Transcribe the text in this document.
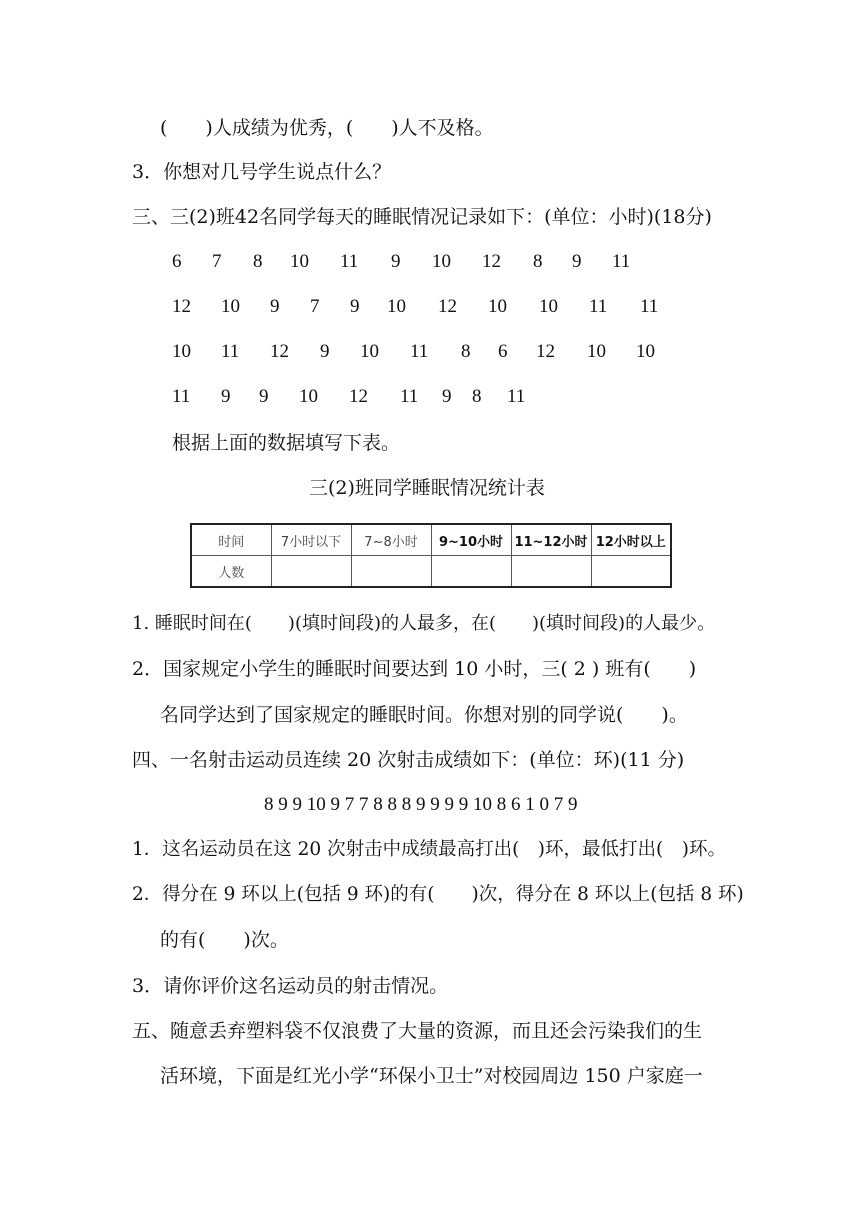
(　　)人成绩为优秀，(　　)人不及格。
3．你想对几号学生说点什么？
三、三(2)班42名同学每天的睡眠情况记录如下：(单位：小时)(18分)
6 7 8 10 11 9 10 12 8 9 11
12 10 9 7 9 10 12 10 10 11 11
10 11 12 9 10 11 8 6 12 10 10
11 9 9 10 12 11 9 8 11
根据上面的数据填写下表。
三(2)班同学睡眠情况统计表
时间	7小时以下	7~8小时	9~10小时	11~12小时	12小时以上
人数					
1. 睡眠时间在(　　)(填时间段)的人最多，在(　　)(填时间段)的人最少。
2．国家规定小学生的睡眠时间要达到 10 小时，三( 2 ) 班有(　　)
名同学达到了国家规定的睡眠时间。你想对别的同学说(　　)。
四、一名射击运动员连续 20 次射击成绩如下：(单位：环)(11 分)
8 9 9 10 9 7 7 8 8 8 9 9 9 9 10 8 6 1 0 7 9
1．这名运动员在这 20 次射击中成绩最高打出(　)环，最低打出(　)环。
2．得分在 9 环以上(包括 9 环)的有(　　)次，得分在 8 环以上(包括 8 环)
的有(　　)次。
3．请你评价这名运动员的射击情况。
五、随意丢弃塑料袋不仅浪费了大量的资源，而且还会污染我们的生
活环境，下面是红光小学“环保小卫士”对校园周边 150 户家庭一
